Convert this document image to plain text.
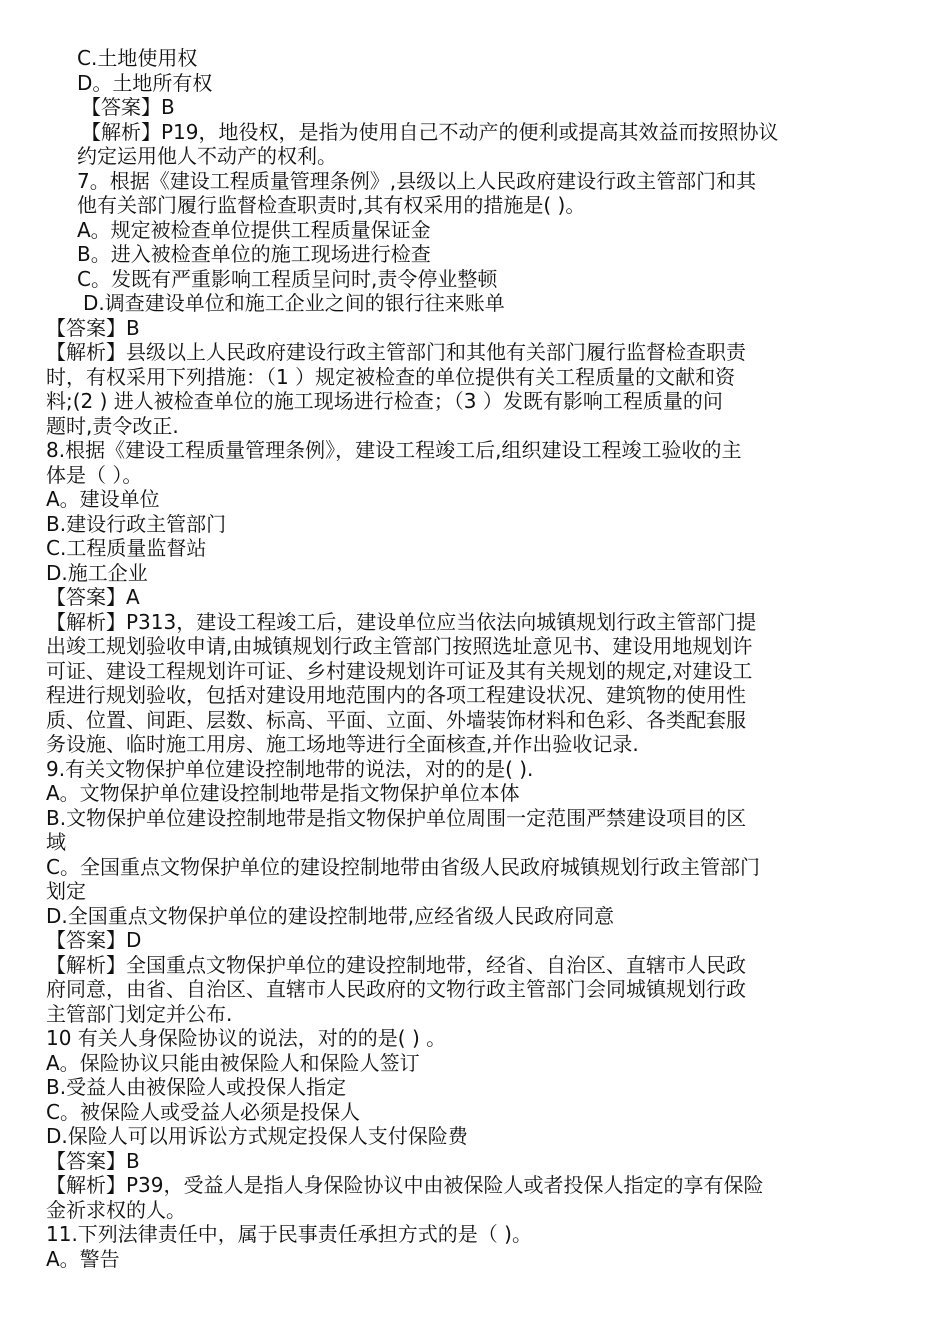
C.土地使用权
D。土地所有权
【答案】B
【解析】P19，地役权，是指为使用自己不动产的便利或提高其效益而按照协议
约定运用他人不动产的权利。
7。根据《建设工程质量管理条例》,县级以上人民政府建设行政主管部门和其
他有关部门履行监督检查职责时,其有权采用的措施是( )。
A。规定被检查单位提供工程质量保证金
B。进入被检查单位的施工现场进行检查
C。发既有严重影响工程质呈问时,责令停业整顿
D.调查建设单位和施工企业之间的银行往来账单
【答案】B
【解析】县级以上人民政府建设行政主管部门和其他有关部门履行监督检查职责
时，有权采用下列措施：（1 ）规定被检查的单位提供有关工程质量的文献和资
料;(2 ) 进人被检查单位的施工现场进行检查；（3 ）发既有影响工程质量的问
题时,责令改正.
8.根据《建设工程质量管理条例》，建设工程竣工后,组织建设工程竣工验收的主
体是（ ）。
A。建设单位
B.建设行政主管部门
C.工程质量监督站
D.施工企业
【答案】A
【解析】P313，建设工程竣工后，建设单位应当依法向城镇规划行政主管部门提
出竣工规划验收申请,由城镇规划行政主管部门按照选址意见书、建设用地规划许
可证、建设工程规划许可证、乡村建设规划许可证及其有关规划的规定,对建设工
程进行规划验收，包括对建设用地范围内的各项工程建设状况、建筑物的使用性
质、位置、间距、层数、标高、平面、立面、外墙装饰材料和色彩、各类配套服
务设施、临时施工用房、施工场地等进行全面核查,并作出验收记录.
9.有关文物保护单位建设控制地带的说法，对的的是( ).
A。文物保护单位建设控制地带是指文物保护单位本体
B.文物保护单位建设控制地带是指文物保护单位周围一定范围严禁建设项目的区
域
C。全国重点文物保护单位的建设控制地带由省级人民政府城镇规划行政主管部门
划定
D.全国重点文物保护单位的建设控制地带,应经省级人民政府同意
【答案】D
【解析】全国重点文物保护单位的建设控制地带，经省、自治区、直辖市人民政
府同意，由省、自治区、直辖市人民政府的文物行政主管部门会同城镇规划行政
主管部门划定并公布.
10 有关人身保险协议的说法，对的的是( ) 。
A。保险协议只能由被保险人和保险人签订
B.受益人由被保险人或投保人指定
C。被保险人或受益人必须是投保人
D.保险人可以用诉讼方式规定投保人支付保险费
【答案】B
【解析】P39，受益人是指人身保险协议中由被保险人或者投保人指定的享有保险
金祈求权的人。
11.下列法律责任中，属于民事责任承担方式的是（ )。
A。警告
